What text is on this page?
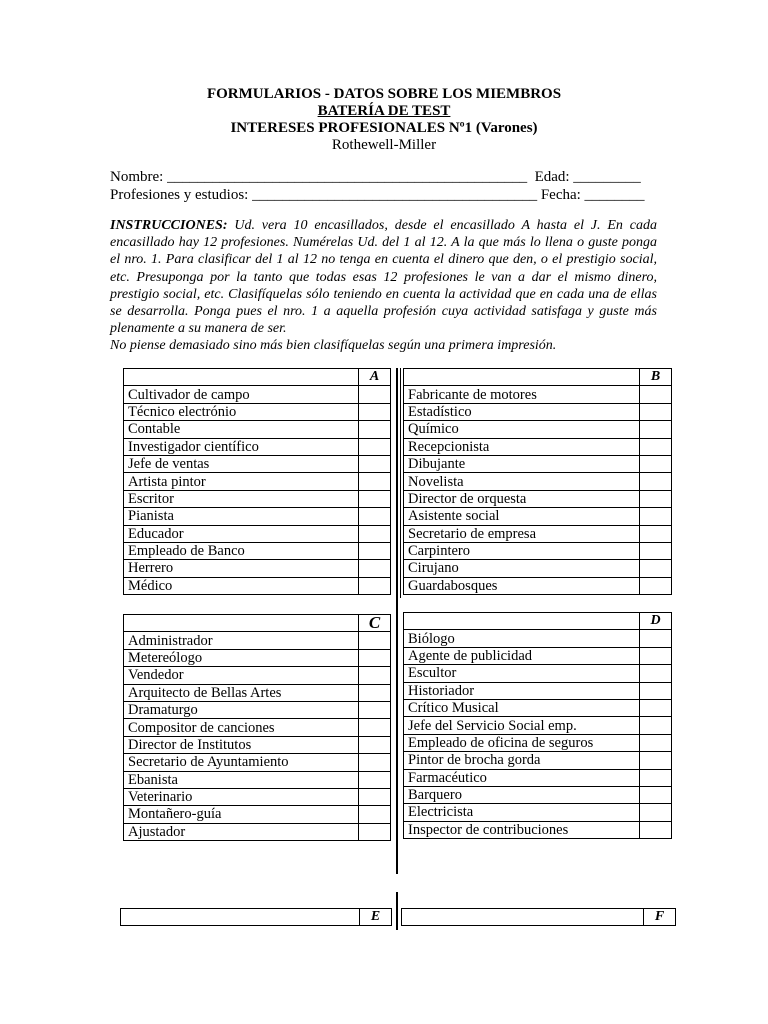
FORMULARIOS - DATOS SOBRE LOS MIEMBROS
BATERÍA DE TEST
INTERESES PROFESIONALES Nº1 (Varones)
Rothewell-Miller
Nombre: ________________________________________________  Edad: _________
Profesiones y estudios: ______________________________________ Fecha: ________
INSTRUCCIONES: Ud. vera 10 encasillados, desde el encasillado A hasta el J. En cada encasillado hay 12 profesiones. Numérelas Ud. del 1 al 12. A la que más lo llena o guste ponga el nro. 1. Para clasificar del 1 al 12 no tenga en cuenta el dinero que den, o el prestigio social, etc. Presuponga por la tanto que todas esas 12 profesiones le van a dar el mismo dinero, prestigio social, etc. Clasifíquelas sólo teniendo en cuenta la actividad que en cada una de ellas se desarrolla. Ponga pues el nro. 1 a aquella profesión cuya actividad satisfaga y guste más plenamente a su manera de ser.
No piense demasiado sino más bien clasifíquelas según una primera impresión.
	A
Cultivador de campo	
Técnico electrónio	
Contable	
Investigador científico	
Jefe de ventas	
Artista pintor	
Escritor	
Pianista	
Educador	
Empleado de Banco	
Herrero	
Médico	
	B
Fabricante de motores	
Estadístico	
Químico	
Recepcionista	
Dibujante	
Novelista	
Director de orquesta	
Asistente social	
Secretario de empresa	
Carpintero	
Cirujano	
Guardabosques	
	C
Administrador	
Metereólogo	
Vendedor	
Arquitecto de Bellas Artes	
Dramaturgo	
Compositor de canciones	
Director de Institutos	
Secretario de Ayuntamiento	
Ebanista	
Veterinario	
Montañero-guía	
Ajustador	
	D
Biólogo	
Agente de publicidad	
Escultor	
Historiador	
Crítico Musical	
Jefe del Servicio Social emp.	
Empleado de oficina de seguros	
Pintor de brocha gorda	
Farmacéutico	
Barquero	
Electricista	
Inspector de contribuciones	
	E
		F
